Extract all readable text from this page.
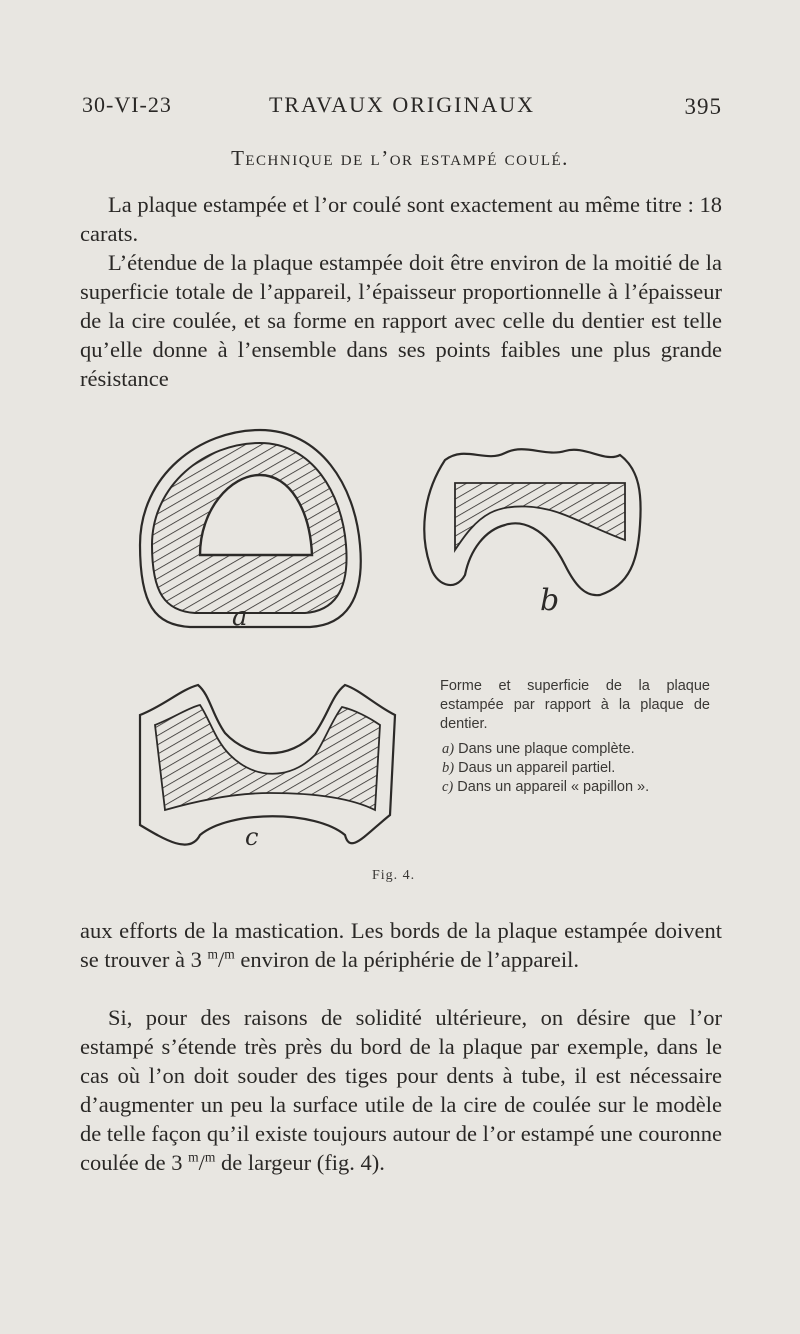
30-VI-23	TRAVAUX ORIGINAUX	395
Technique de l’or estampé coulé.

La plaque estampée et l’or coulé sont exactement au même titre : 18 carats.

L’étendue de la plaque estampée doit être environ de la moitié de la superficie totale de l’appareil, l’épaisseur proportionnelle à l’épaisseur de la cire coulée, et sa forme en rapport avec celle du dentier est telle qu’elle donne à l’ensemble dans ses points faibles une plus grande résistance

a	b
c

Forme et superficie de la plaque estampée par rapport à la plaque de dentier.

a) Dans une plaque complète.

b) Daus un appareil partiel.

c) Dans un appareil « papillon ».

Fig. 4.

aux efforts de la mastication. Les bords de la plaque estampée doivent se trouver à 3 $^m$/$^m$ environ de la périphérie de l’appareil.

Si, pour des raisons de solidité ultérieure, on désire que l’or estampé s’étende très près du bord de la plaque par exemple, dans le cas où l’on doit souder des tiges pour dents à tube, il est nécessaire d’augmenter un peu la surface utile de la cire de coulée sur le modèle de telle façon qu’il existe toujours autour de l’or estampé une couronne coulée de 3 $^m$/$^m$ de largeur (fig. 4).
